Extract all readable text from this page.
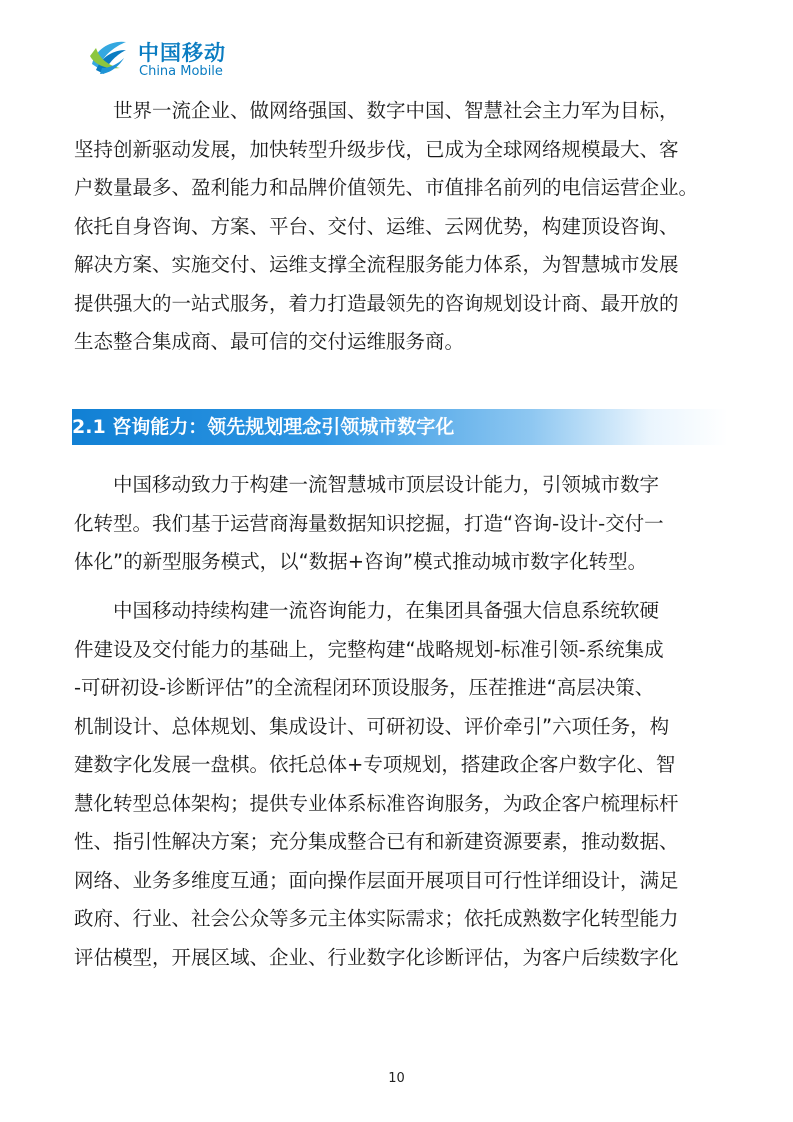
中国移动
China Mobile

世界一流企业、做网络强国、数字中国、智慧社会主力军为目标，
坚持创新驱动发展，加快转型升级步伐，已成为全球网络规模最大、客
户数量最多、盈利能力和品牌价值领先、市值排名前列的电信运营企业。
依托自身咨询、方案、平台、交付、运维、云网优势，构建顶设咨询、
解决方案、实施交付、运维支撑全流程服务能力体系，为智慧城市发展
提供强大的一站式服务，着力打造最领先的咨询规划设计商、最开放的
生态整合集成商、最可信的交付运维服务商。

2.1 咨询能力：领先规划理念引领城市数字化

中国移动致力于构建一流智慧城市顶层设计能力，引领城市数字
化转型。我们基于运营商海量数据知识挖掘，打造“咨询-设计-交付一
体化”的新型服务模式，以“数据+咨询”模式推动城市数字化转型。

中国移动持续构建一流咨询能力，在集团具备强大信息系统软硬
件建设及交付能力的基础上，完整构建“战略规划-标准引领-系统集成
-可研初设-诊断评估”的全流程闭环顶设服务，压茬推进“高层决策、
机制设计、总体规划、集成设计、可研初设、评价牵引”六项任务，构
建数字化发展一盘棋。依托总体+专项规划，搭建政企客户数字化、智
慧化转型总体架构；提供专业体系标准咨询服务，为政企客户梳理标杆
性、指引性解决方案；充分集成整合已有和新建资源要素，推动数据、
网络、业务多维度互通；面向操作层面开展项目可行性详细设计，满足
政府、行业、社会公众等多元主体实际需求；依托成熟数字化转型能力
评估模型，开展区域、企业、行业数字化诊断评估，为客户后续数字化

10
